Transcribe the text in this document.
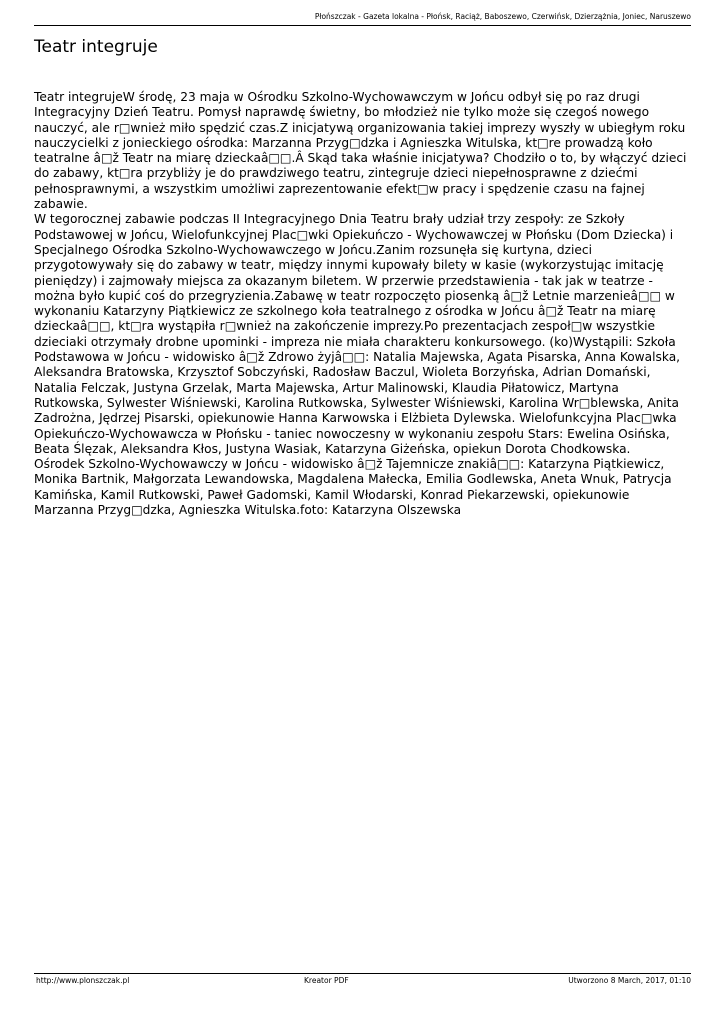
Płońszczak - Gazeta lokalna - Płońsk, Raciąż, Baboszewo, Czerwińsk, Dzierzążnia, Joniec, Naruszewo
Teatr integruje

Teatr integrujeW środę, 23 maja w Ośrodku Szkolno-Wychowawczym w Jońcu odbył się po raz drugi Integracyjny Dzień Teatru. Pomysł naprawdę świetny, bo młodzież nie tylko może się czegoś nowego nauczyć, ale r□wnież miło spędzić czas.Z inicjatywą organizowania takiej imprezy wyszły w ubiegłym roku nauczycielki z jonieckiego ośrodka: Marzanna Przyg□dzka i Agnieszka Witulska, kt□re prowadzą koło teatralne â□ž Teatr na miarę dzieckaâ□□.Â Skąd taka właśnie inicjatywa? Chodziło o to, by włączyć dzieci do zabawy, kt□ra przybliży je do prawdziwego teatru, zintegruje dzieci niepełnosprawne z dziećmi pełnosprawnymi, a wszystkim umożliwi zaprezentowanie efekt□w pracy i spędzenie czasu na fajnej zabawie.

W tegorocznej zabawie podczas II Integracyjnego Dnia Teatru brały udział trzy zespoły: ze Szkoły Podstawowej w Jońcu, Wielofunkcyjnej Plac□wki Opiekuńczo - Wychowawczej w Płońsku (Dom Dziecka) i Specjalnego Ośrodka Szkolno-Wychowawczego w Jońcu.Zanim rozsunęła się kurtyna, dzieci przygotowywały się do zabawy w teatr, między innymi kupowały bilety w kasie (wykorzystując imitację pieniędzy) i zajmowały miejsca za okazanym biletem. W przerwie przedstawienia - tak jak w teatrze - można było kupić coś do przegryzienia.Zabawę w teatr rozpoczęto piosenką â□ž Letnie marzenieâ□□ w wykonaniu Katarzyny Piątkiewicz ze szkolnego koła teatralnego z ośrodka w Jońcu â□ž Teatr na miarę dzieckaâ□□, kt□ra wystąpiła r□wnież na zakończenie imprezy.Po prezentacjach zespoł□w wszystkie dzieciaki otrzymały drobne upominki - impreza nie miała charakteru konkursowego. (ko)Wystąpili: Szkoła Podstawowa w Jońcu - widowisko â□ž Zdrowo żyjâ□□: Natalia Majewska, Agata Pisarska, Anna Kowalska, Aleksandra Bratowska, Krzysztof Sobczyński, Radosław Baczul, Wioleta Borzyńska, Adrian Domański, Natalia Felczak, Justyna Grzelak, Marta Majewska, Artur Malinowski, Klaudia Piłatowicz, Martyna Rutkowska, Sylwester Wiśniewski, Karolina Rutkowska, Sylwester Wiśniewski, Karolina Wr□blewska, Anita Zadrożna, Jędrzej Pisarski, opiekunowie Hanna Karwowska i Elżbieta Dylewska. Wielofunkcyjna Plac□wka Opiekuńczo-Wychowawcza w Płońsku - taniec nowoczesny w wykonaniu zespołu Stars: Ewelina Osińska, Beata Ślęzak, Aleksandra Kłos, Justyna Wasiak, Katarzyna Giżeńska, opiekun Dorota Chodkowska.

Ośrodek Szkolno-Wychowawczy w Jońcu - widowisko â□ž Tajemnicze znakiâ□□: Katarzyna Piątkiewicz, Monika Bartnik, Małgorzata Lewandowska, Magdalena Małecka, Emilia Godlewska, Aneta Wnuk, Patrycja Kamińska, Kamil Rutkowski, Paweł Gadomski, Kamil Włodarski, Konrad Piekarzewski, opiekunowie Marzanna Przyg□dzka, Agnieszka Witulska.foto: Katarzyna Olszewska

http://www.plonszczak.pl	Kreator PDF	Utworzono 8 March, 2017, 01:10
